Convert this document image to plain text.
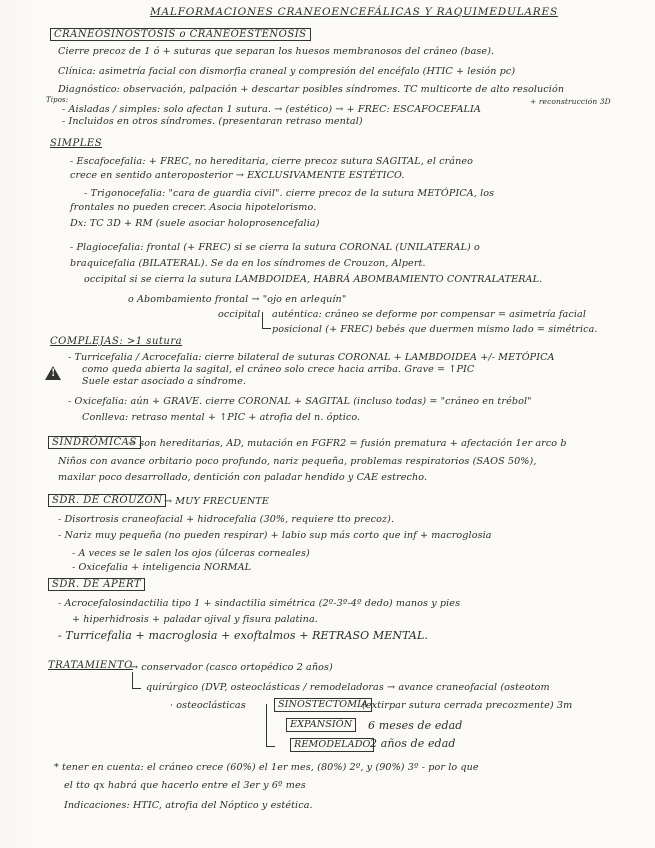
MALFORMACIONES CRANEOENCEFÁLICAS Y RAQUIMEDULARES
CRANEOSINOSTOSIS o CRANEOESTENOSIS
Cierre precoz de 1 ó + suturas que separan los huesos membranosos del cráneo (base).
Clínica: asimetría facial con dismorfia craneal y compresión del encéfalo (HTIC + lesión pc)
Diagnóstico: observación, palpación + descartar posibles síndromes. TC multicorte de alto resolución
Tipos:
- Aisladas / simples: solo afectan 1 sutura. → (estético) → + FREC: ESCAFOCEFALIA
+ reconstrucción 3D
- Incluidos en otros síndromes. (presentaran retraso mental)
SIMPLES
- Escafocefalia: + FREC, no hereditaria, cierre precoz sutura SAGITAL, el cráneo
crece en sentido anteroposterior → EXCLUSIVAMENTE ESTÉTICO.
- Trigonocefalia: "cara de guardia civil". cierre precoz de la sutura METÓPICA, los
frontales no pueden crecer. Asocia hipotelorismo.
Dx: TC 3D + RM (suele asociar holoprosencefalia)
- Plagiocefalia: frontal (+ FREC) si se cierra la sutura CORONAL (UNILATERAL) o
braquicefalia (BILATERAL). Se da en los síndromes de Crouzon, Alpert.
occipital si se cierra la sutura LAMBDOIDEA, HABRÁ ABOMBAMIENTO CONTRALATERAL.
o Abombamiento frontal → "ojo en arlequín"
occipital auténtica: cráneo se deforme por compensar = asimetría facial
posicional (+ FREC) bebés que duermen mismo lado = simétrica.
COMPLEJAS: >1 sutura
- Turricefalia / Acrocefalia: cierre bilateral de suturas CORONAL + LAMBDOIDEA +/- METÓPICA
!
como queda abierta la sagital, el cráneo solo crece hacia arriba. Grave = ↑PIC
Suele estar asociado a síndrome.
- Oxicefalia: aún + GRAVE. cierre CORONAL + SAGITAL (incluso todas) = "cráneo en trébol"
Conlleva: retraso mental + ↑PIC + atrofia del n. óptico.
SINDRÓMICAS
→ son hereditarias, AD, mutación en FGFR2 = fusión prematura + afectación 1er arco b
Niños con avance orbitario poco profundo, nariz pequeña, problemas respiratorios (SAOS 50%),
maxilar poco desarrollado, dentición con paladar hendido y CAE estrecho.
SDR. DE CROUZON → MUY FRECUENTE
- Disortrosis craneofacial + hidrocefalia (30%, requiere tto precoz).
- Nariz muy pequeña (no pueden respirar) + labio sup más corto que inf + macroglosia
- A veces se le salen los ojos (úlceras corneales)
- Oxicefalia + inteligencia NORMAL
SDR. DE APERT
- Acrocefalosindactilia tipo 1 + sindactilia simétrica (2º-3º-4º dedo) manos y pies
+ hiperhidrosis + paladar ojival y fisura palatina.
- Turricefalia + macroglosia + exoftalmos + RETRASO MENTAL.
TRATAMIENTO
→ conservador (casco ortopédico 2 años)
quirúrgico (DVP, osteoclásticas / remodeladoras → avance craneofacial (osteotom
· osteoclásticas	SINOSTECTOMÍA
(extirpar sutura cerrada precozmente) 3m
EXPANSIÓN	6 meses de edad
REMODELADO 2 años de edad
* tener en cuenta: el cráneo crece (60%) el 1er mes, (80%) 2º, y (90%) 3º - por lo que
el tto qx habrá que hacerlo entre el 3er y 6º mes
Indicaciones: HTIC, atrofia del Nóptico y estética.
